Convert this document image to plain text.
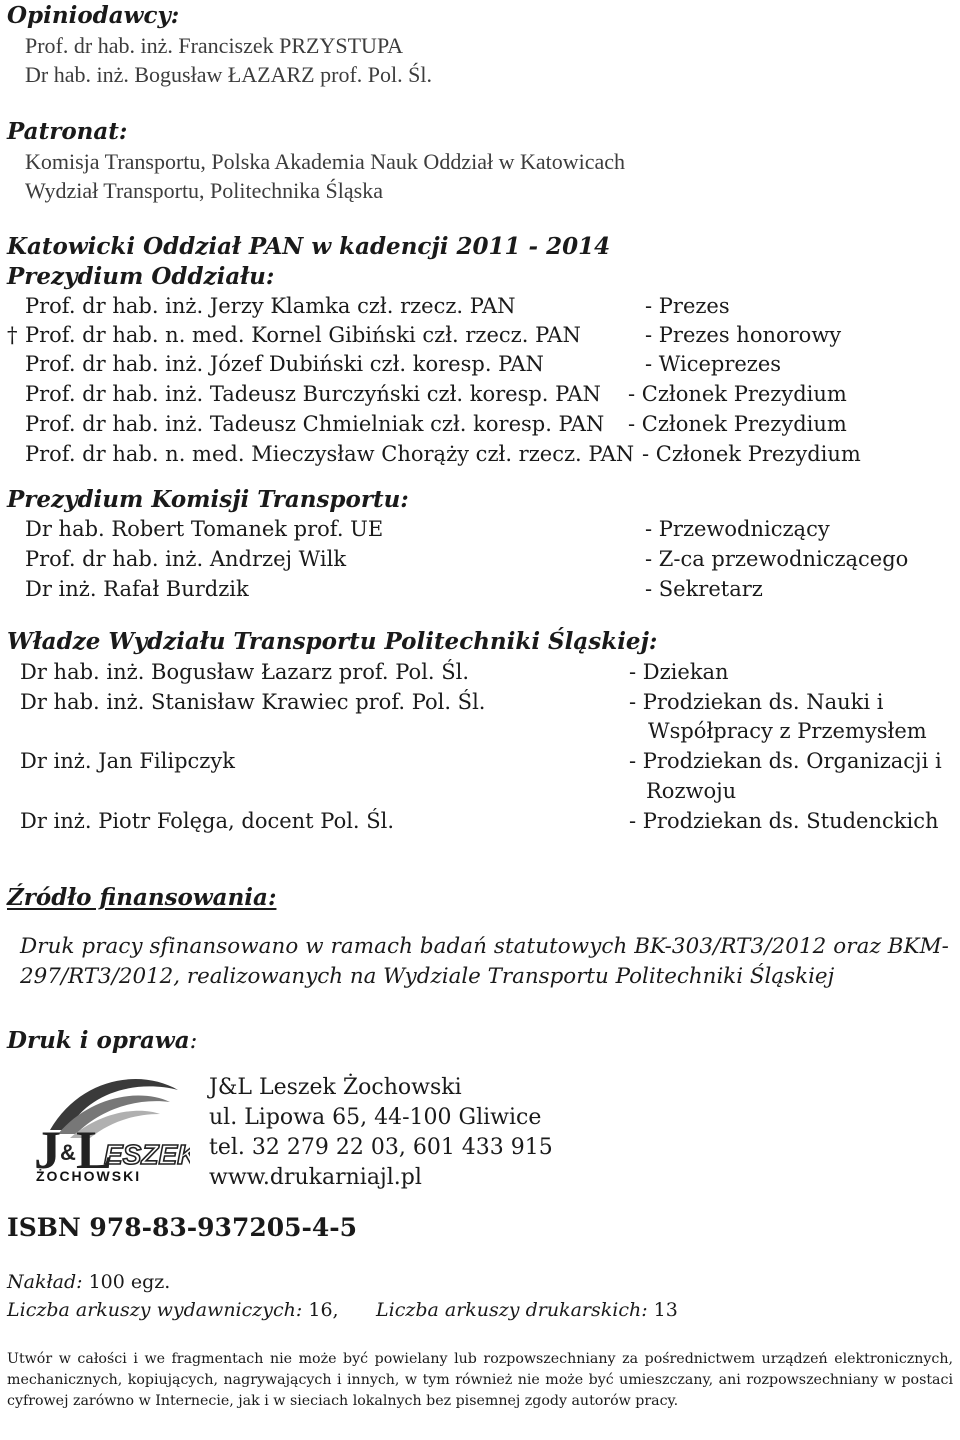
Opiniodawcy:
Prof. dr hab. inż. Franciszek PRZYSTUPA
Dr hab. inż. Bogusław ŁAZARZ prof. Pol. Śl.
Patronat:
Komisja Transportu, Polska Akademia Nauk Oddział w Katowicach
Wydział Transportu, Politechnika Śląska
Katowicki Oddział PAN w kadencji 2011 - 2014
Prezydium Oddziału:
Prof. dr hab. inż. Jerzy Klamka czł. rzecz. PAN	- Prezes
† Prof. dr hab. n. med. Kornel Gibiński czł. rzecz. PAN	- Prezes honorowy
Prof. dr hab. inż. Józef Dubiński czł. koresp. PAN	- Wiceprezes
Prof. dr hab. inż. Tadeusz Burczyński czł. koresp. PAN - Członek Prezydium
Prof. dr hab. inż. Tadeusz Chmielniak czł. koresp. PAN - Członek Prezydium
Prof. dr hab. n. med. Mieczysław Chorąży czł. rzecz. PAN - Członek Prezydium
Prezydium Komisji Transportu:
Dr hab. Robert Tomanek prof. UE	- Przewodniczący
Prof. dr hab. inż. Andrzej Wilk	- Z-ca przewodniczącego
Dr inż. Rafał Burdzik	- Sekretarz
Władze Wydziału Transportu Politechniki Śląskiej:
Dr hab. inż. Bogusław Łazarz prof. Pol. Śl.	- Dziekan
Dr hab. inż. Stanisław Krawiec prof. Pol. Śl.	- Prodziekan ds. Nauki i
Współpracy z Przemysłem
Dr inż. Jan Filipczyk	- Prodziekan ds. Organizacji i
Rozwoju
Dr inż. Piotr Folęga, docent Pol. Śl.	- Prodziekan ds. Studenckich
Źródło finansowania:
Druk pracy sfinansowano w ramach badań statutowych BK-303/RT3/2012 oraz BKM-
297/RT3/2012, realizowanych na Wydziale Transportu Politechniki Śląskiej
Druk i oprawa:
J & L
ESZEK
ŻOCHOWSKI
J&L Leszek Żochowski
ul. Lipowa 65, 44-100 Gliwice
tel. 32 279 22 03, 601 433 915
www.drukarniajl.pl
ISBN 978-83-937205-4-5
Nakład: 100 egz.
Liczba arkuszy wydawniczych: 16, Liczba arkuszy drukarskich: 13
Utwór w całości i we fragmentach nie może być powielany lub rozpowszechniany za pośrednictwem urządzeń elektronicznych, mechanicznych, kopiujących, nagrywających i innych, w tym również nie może być umieszczany, ani rozpowszechniany w postaci cyfrowej zarówno w Internecie, jak i w sieciach lokalnych bez pisemnej zgody autorów pracy.
